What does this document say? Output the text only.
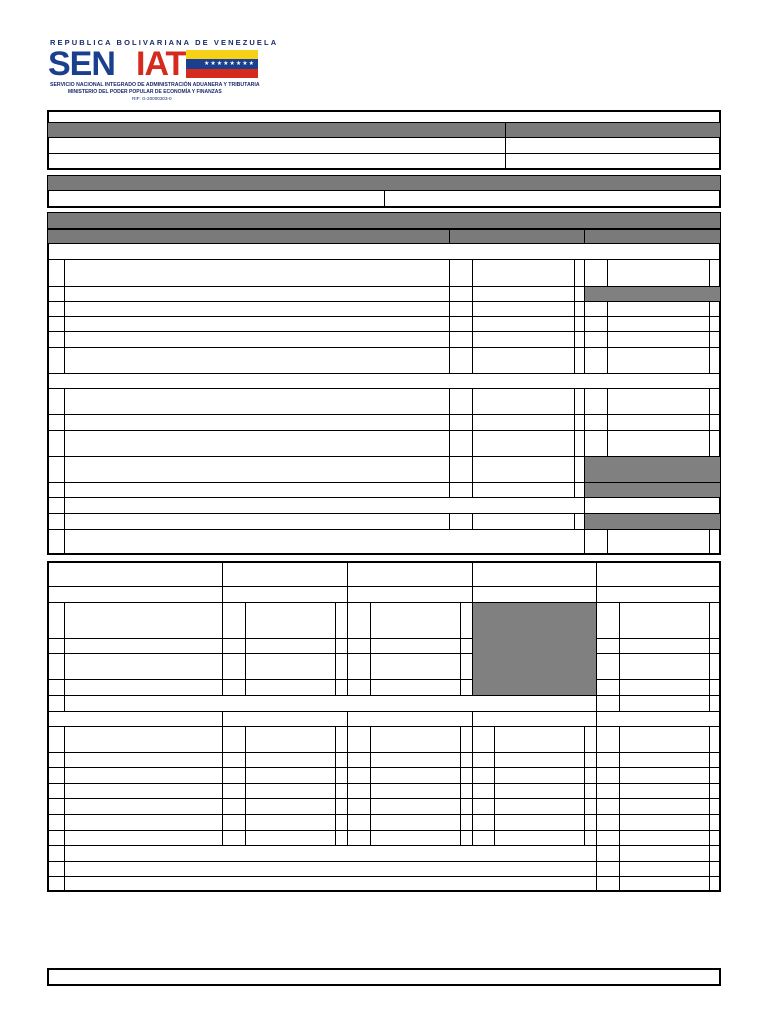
REPUBLICA BOLIVARIANA DE VENEZUELA
SEN	★★★★★★★★
IAT
SERVICIO NACIONAL INTEGRADO DE ADMINISTRACIÓN ADUANERA Y TRIBUTARIA
MINISTERIO DEL PODER POPULAR DE ECONOMÍA Y FINANZAS
RIF: G-20000303-0
